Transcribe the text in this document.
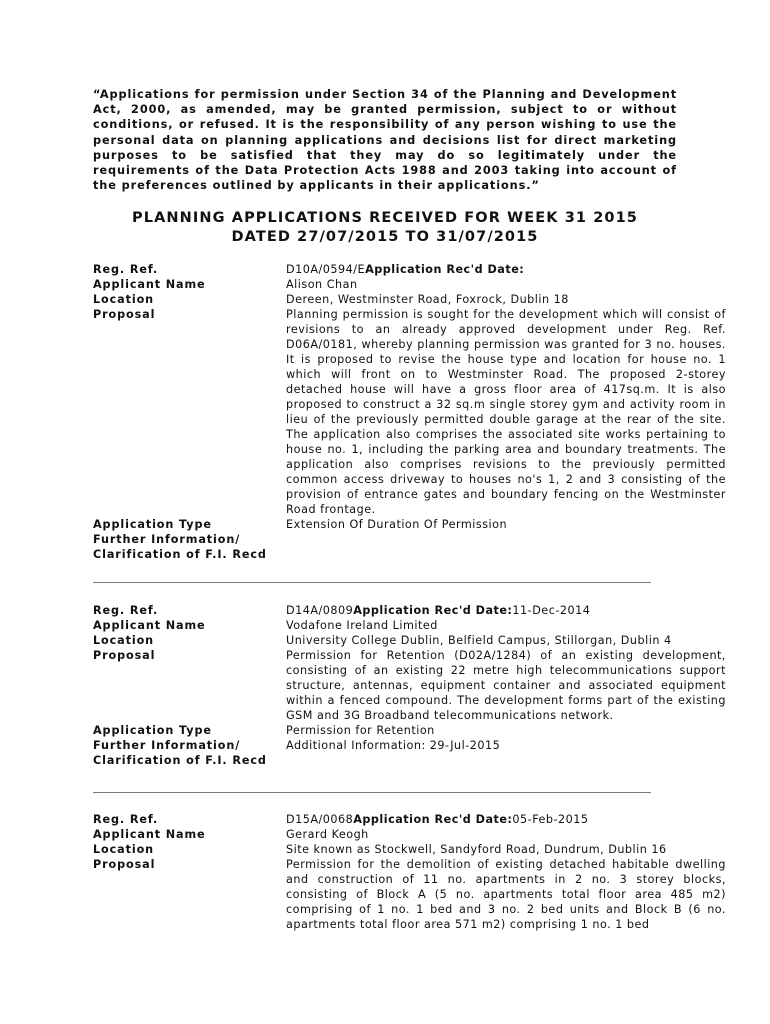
“Applications for permission under Section 34 of the Planning and Development Act, 2000, as amended, may be granted permission, subject to or without conditions, or refused. It is the responsibility of any person wishing to use the personal data on planning applications and decisions list for direct marketing purposes to be satisfied that they may do so legitimately under the requirements of the Data Protection Acts 1988 and 2003 taking into account of the preferences outlined by applicants in their applications.”

PLANNING APPLICATIONS RECEIVED FOR WEEK 31 2015
DATED 27/07/2015 TO 31/07/2015
Reg. Ref.	D10A/0594/EApplication Rec'd Date:
Applicant Name	Alison Chan
Location	Dereen, Westminster Road, Foxrock, Dublin 18
Proposal	Planning permission is sought for the development which will consist of revisions to an already approved development under Reg. Ref. D06A/0181, whereby planning permission was granted for 3 no. houses. It is proposed to revise the house type and location for house no. 1 which will front on to Westminster Road. The proposed 2-storey detached house will have a gross floor area of 417sq.m. It is also proposed to construct a 32 sq.m single storey gym and activity room in lieu of the previously permitted double garage at the rear of the site. The application also comprises the associated site works pertaining to house no. 1, including the parking area and boundary treatments. The application also comprises revisions to the previously permitted common access driveway to houses no's 1, 2 and 3 consisting of the provision of entrance gates and boundary fencing on the Westminster Road frontage.
Application Type	Extension Of Duration Of Permission
Further Information/
Clarification of F.I. Recd
Reg. Ref.	D14A/0809Application Rec'd Date:11-Dec-2014
Applicant Name	Vodafone Ireland Limited
Location	University College Dublin, Belfield Campus, Stillorgan, Dublin 4
Proposal	Permission for Retention (D02A/1284) of an existing development, consisting of an existing 22 metre high telecommunications support structure, antennas, equipment container and associated equipment within a fenced compound. The development forms part of the existing GSM and 3G Broadband telecommunications network.
Application Type	Permission for Retention
Further Information/	Additional Information: 29-Jul-2015
Clarification of F.I. Recd
Reg. Ref.	D15A/0068Application Rec'd Date:05-Feb-2015
Applicant Name	Gerard Keogh
Location	Site known as Stockwell, Sandyford Road, Dundrum, Dublin 16
Proposal	Permission for the demolition of existing detached habitable dwelling and construction of 11 no. apartments in 2 no. 3 storey blocks, consisting of Block A (5 no. apartments total floor area 485 m2) comprising of 1 no. 1 bed and 3 no. 2 bed units and Block B (6 no. apartments total floor area 571 m2) comprising 1 no. 1 bed
